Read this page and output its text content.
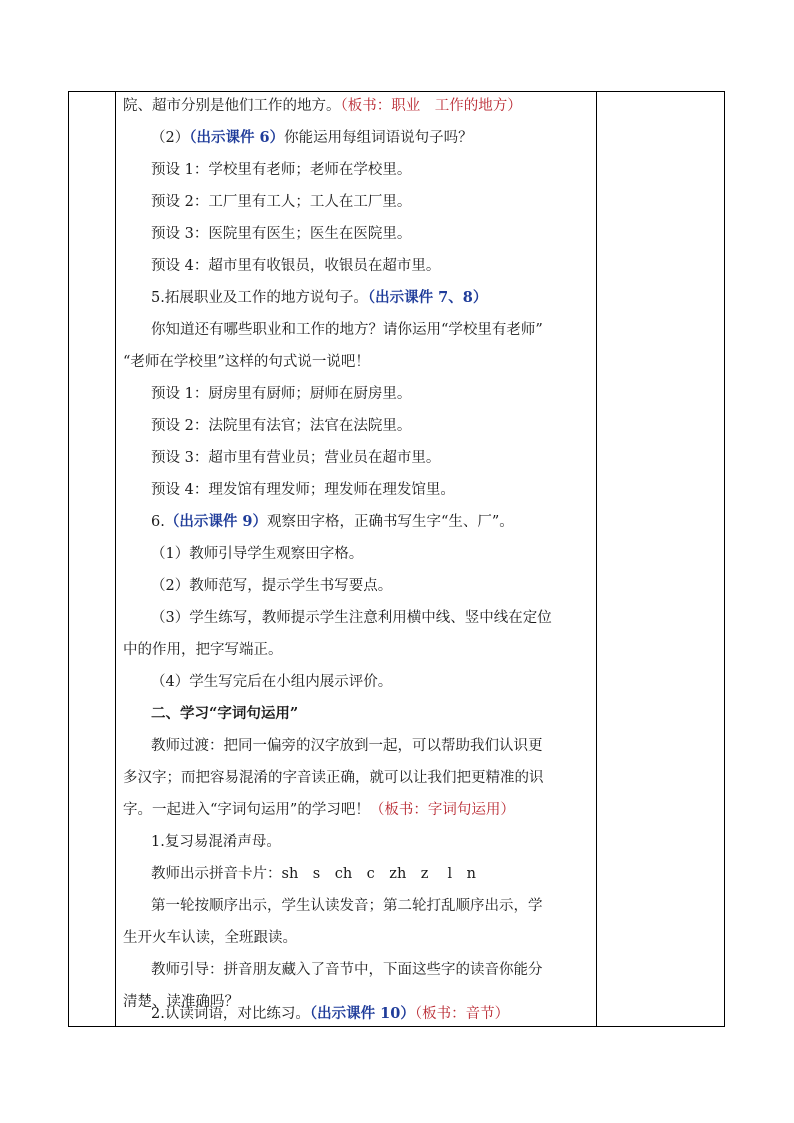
院、超市分别是他们工作的地方。（板书：职业　工作的地方）
（2）（出示课件 6）你能运用每组词语说句子吗？
预设 1：学校里有老师；老师在学校里。
预设 2：工厂里有工人；工人在工厂里。
预设 3：医院里有医生；医生在医院里。
预设 4：超市里有收银员，收银员在超市里。
5.拓展职业及工作的地方说句子。（出示课件 7、8）
你知道还有哪些职业和工作的地方？请你运用“学校里有老师”
“老师在学校里”这样的句式说一说吧！
预设 1：厨房里有厨师；厨师在厨房里。
预设 2：法院里有法官；法官在法院里。
预设 3：超市里有营业员；营业员在超市里。
预设 4：理发馆有理发师；理发师在理发馆里。
6.（出示课件 9）观察田字格，正确书写生字“生、厂”。
（1）教师引导学生观察田字格。
（2）教师范写，提示学生书写要点。
（3）学生练写，教师提示学生注意利用横中线、竖中线在定位
中的作用，把字写端正。
（4）学生写完后在小组内展示评价。
二、学习“字词句运用”
教师过渡：把同一偏旁的汉字放到一起，可以帮助我们认识更
多汉字；而把容易混淆的字音读正确，就可以让我们把更精准的识
字。一起进入“字词句运用”的学习吧！（板书：字词句运用）
1.复习易混淆声母。
教师出示拼音卡片：sh　s　ch　c　zh　z　 l　n
第一轮按顺序出示，学生认读发音；第二轮打乱顺序出示，学
生开火车认读，全班跟读。
教师引导：拼音朋友藏入了音节中，下面这些字的读音你能分
清楚、读准确吗？
2.认读词语，对比练习。（出示课件 10）（板书：音节）
